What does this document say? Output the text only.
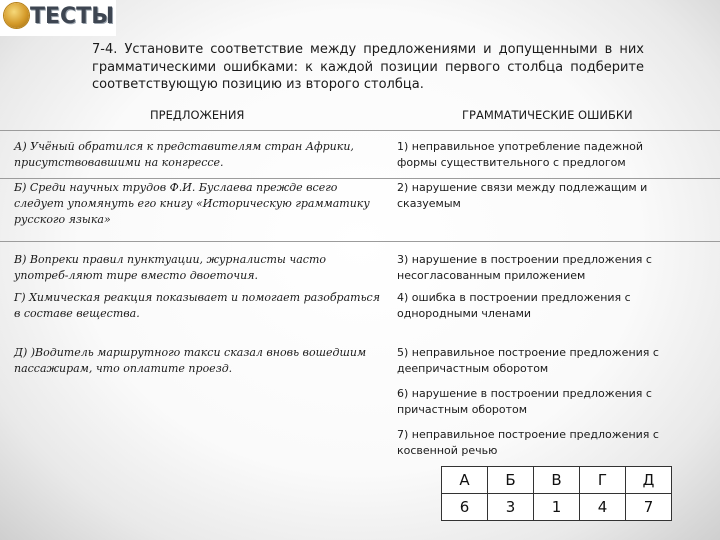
ТЕСТЫ
7-4. Установите соответствие между предложениями и допущенными в них грамматическими ошибками: к каждой позиции первого столбца подберите соответствующую позицию из второго столбца.
ПРЕДЛОЖЕНИЯ	ГРАММАТИЧЕСКИЕ ОШИБКИ
А) Учёный обратился к представителям стран Африки, присутствовавшими на конгрессе.
Б) Среди научных трудов Ф.И. Буслаева прежде всего следует упомянуть его книгу «Историческую грамматику русского языка»
В) Вопреки правил пунктуации, журналисты часто употреб-ляют тире вместо двоеточия.
Г) Химическая реакция показывает и помогает разобраться в составе вещества.
Д) )Водитель маршрутного такси сказал вновь вошедшим пассажирам, что оплатите проезд.
1) неправильное употребление падежной формы существительного с предлогом
2) нарушение связи между подлежащим и сказуемым
3) нарушение в построении предложения с несогласованным приложением
4) ошибка в построении предложения с однородными членами
5) неправильное построение предложения с деепричастным оборотом
6) нарушение в построении предложения с причастным оборотом
7) неправильное построение предложения с косвенной речью
А	Б	В	Г	Д
6	3	1	4	7
